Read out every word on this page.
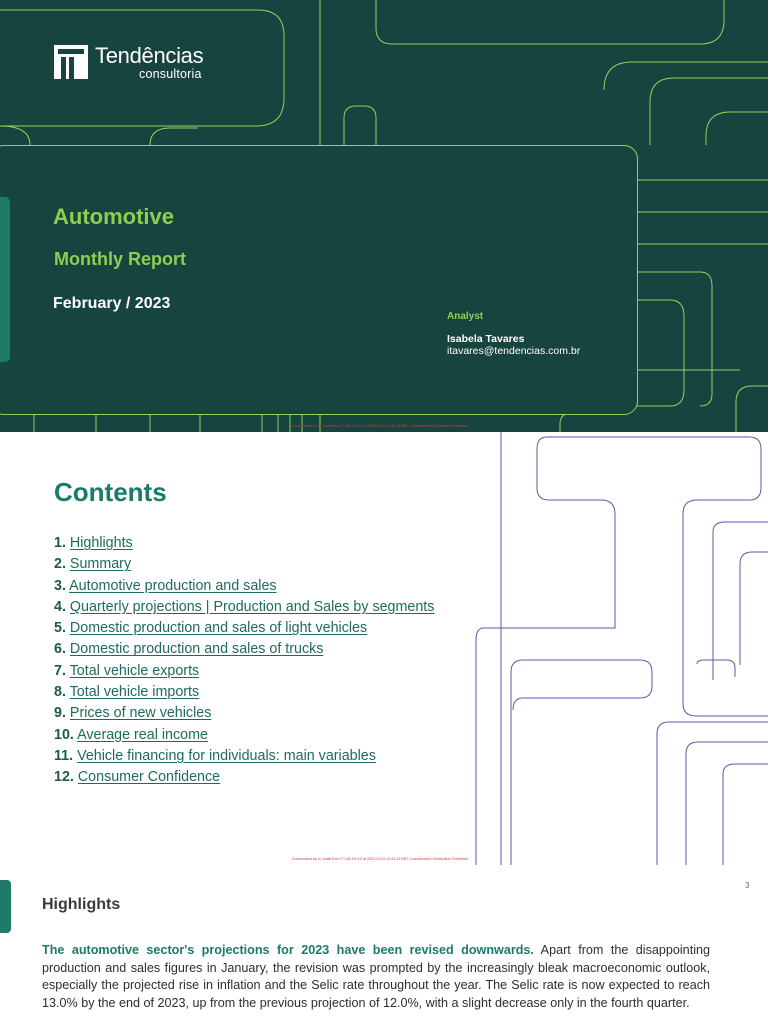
Tendências
consultoria
Automotive
Monthly Report
February / 2023
Analyst
Isabela Tavares
itavares@tendencias.com.br
Downloaded by lo_email from IT 136.XX.XX at 2023-03-02 10:41:23 BRT, Unauthorized Distribution Prohibited.
Contents
1. Highlights
2. Summary
3. Automotive production and sales
4. Quarterly projections | Production and Sales by segments
5. Domestic production and sales of light vehicles
6. Domestic production and sales of trucks
7. Total vehicle exports
8. Total vehicle imports
9. Prices of new vehicles
10. Average real income
11. Vehicle financing for individuals: main variables
12. Consumer Confidence
Downloaded by lo_email from IT 136.XX.XX at 2023-03-02 10:41:23 BRT, Unauthorized Distribution Prohibited.
3
Highlights

The automotive sector's projections for 2023 have been revised downwards. Apart from the disappointing production and sales figures in January, the revision was prompted by the increasingly bleak macroeconomic outlook, especially the projected rise in inflation and the Selic rate throughout the year. The Selic rate is now expected to reach 13.0% by the end of 2023, up from the previous projection of 12.0%, with a slight decrease only in the fourth quarter.
